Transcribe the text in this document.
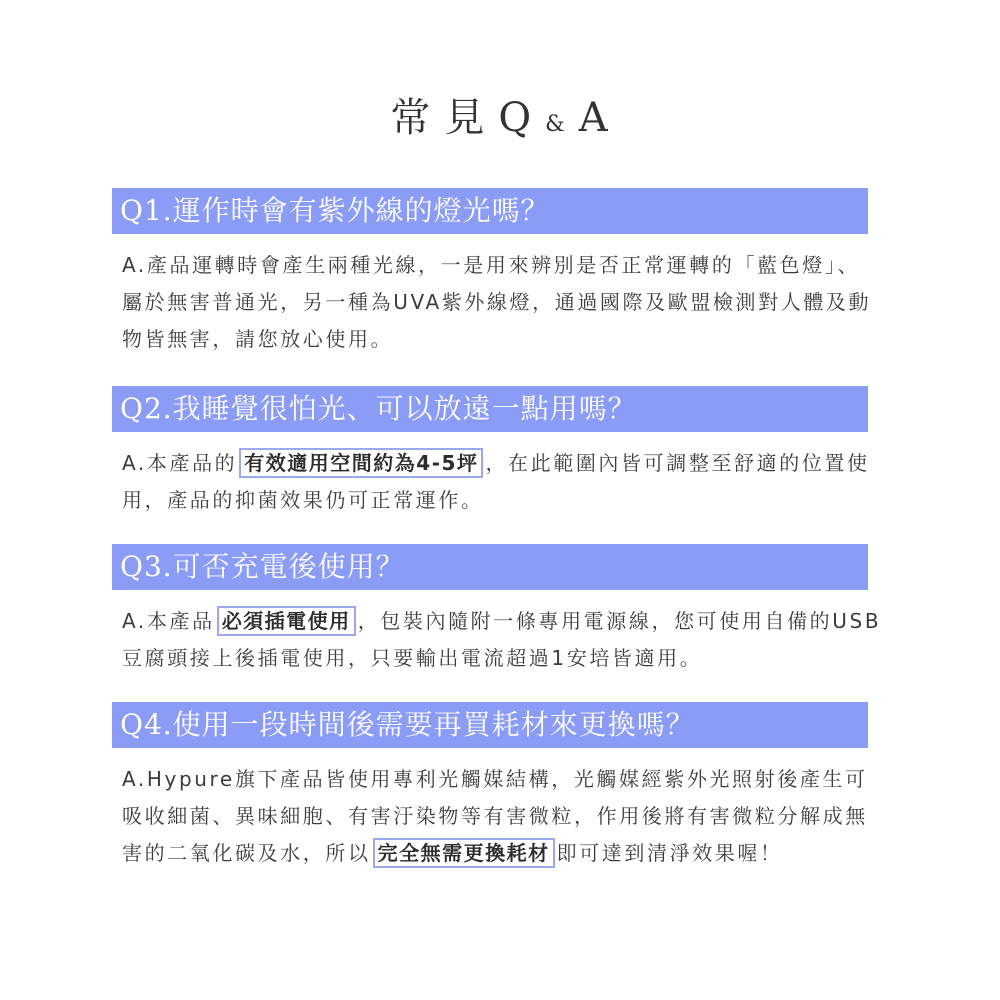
常 見 Q & A
Q1.運作時會有紫外線的燈光嗎？
A.產品運轉時會產生兩種光線，一是用來辨別是否正常運轉的「藍色燈」、屬於無害普通光，另一種為UVA紫外線燈，通過國際及歐盟檢測對人體及動物皆無害，請您放心使用。
Q2.我睡覺很怕光、可以放遠一點用嗎？
A.本產品的 有效適用空間約為4-5坪 ，在此範圍內皆可調整至舒適的位置使用，產品的抑菌效果仍可正常運作。
Q3.可否充電後使用？
A.本產品 必須插電使用 ，包裝內隨附一條專用電源線，您可使用自備的USB豆腐頭接上後插電使用，只要輸出電流超過1安培皆適用。
Q4.使用一段時間後需要再買耗材來更換嗎？
A.Hypure旗下產品皆使用專利光觸媒結構，光觸媒經紫外光照射後產生可吸收細菌、異味細胞、有害汙染物等有害微粒，作用後將有害微粒分解成無害的二氧化碳及水，所以 完全無需更換耗材 即可達到清淨效果喔！
